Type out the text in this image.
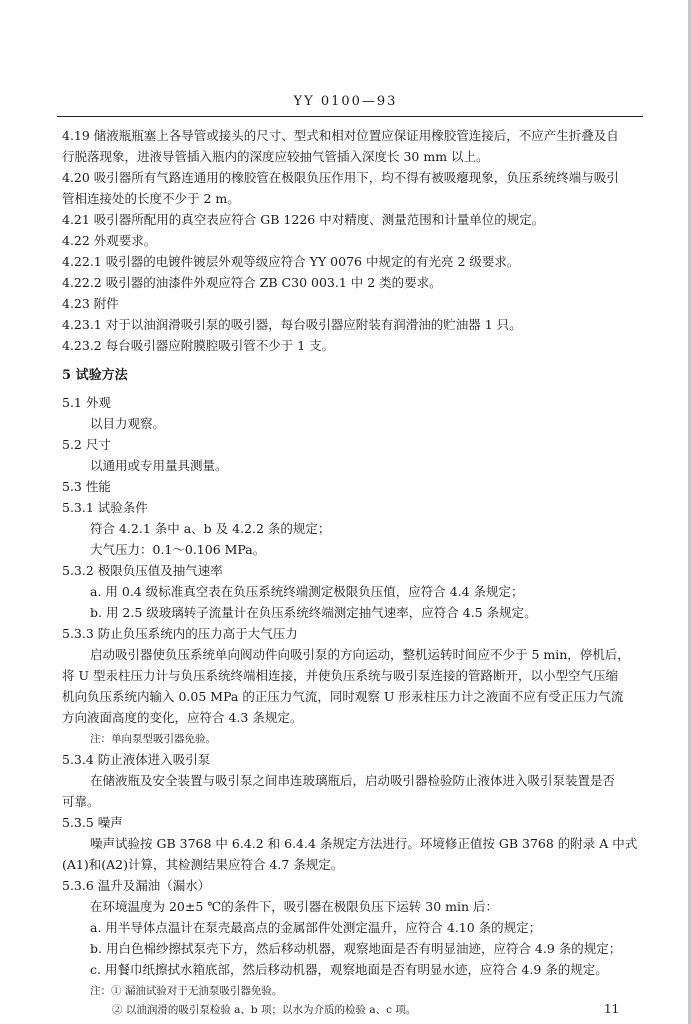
YY 0100—93
4.19 储液瓶瓶塞上各导管或接头的尺寸、型式和相对位置应保证用橡胶管连接后，不应产生折叠及自
行脱落现象，进液导管插入瓶内的深度应较抽气管插入深度长 30 mm 以上。
4.20 吸引器所有气路连通用的橡胶管在极限负压作用下，均不得有被吸瘪现象，负压系统终端与吸引
管相连接处的长度不少于 2 m。
4.21 吸引器所配用的真空表应符合 GB 1226 中对精度、测量范围和计量单位的规定。
4.22 外观要求。
4.22.1 吸引器的电镀件镀层外观等级应符合 YY 0076 中规定的有光亮 2 级要求。
4.22.2 吸引器的油漆件外观应符合 ZB C30 003.1 中 2 类的要求。
4.23 附件
4.23.1 对于以油润滑吸引泵的吸引器，每台吸引器应附装有润滑油的贮油器 1 只。
4.23.2 每台吸引器应附膜腔吸引管不少于 1 支。
5 试验方法
5.1 外观
以目力观察。
5.2 尺寸
以通用或专用量具测量。
5.3 性能
5.3.1 试验条件
符合 4.2.1 条中 a、b 及 4.2.2 条的规定；
大气压力：0.1～0.106 MPa。
5.3.2 极限负压值及抽气速率
a. 用 0.4 级标准真空表在负压系统终端测定极限负压值，应符合 4.4 条规定；
b. 用 2.5 级玻璃转子流量计在负压系统终端测定抽气速率，应符合 4.5 条规定。
5.3.3 防止负压系统内的压力高于大气压力
启动吸引器使负压系统单向阀动件向吸引泵的方向运动，整机运转时间应不少于 5 min，停机后，
将 U 型汞柱压力计与负压系统终端相连接，并使负压系统与吸引泵连接的管路断开，以小型空气压缩
机向负压系统内输入 0.05 MPa 的正压力气流，同时观察 U 形汞柱压力计之液面不应有受正压力气流
方向液面高度的变化，应符合 4.3 条规定。
注：单向泵型吸引器免验。
5.3.4 防止液体进入吸引泵
在储液瓶及安全装置与吸引泵之间串连玻璃瓶后，启动吸引器检验防止液体进入吸引泵装置是否
可靠。
5.3.5 噪声
噪声试验按 GB 3768 中 6.4.2 和 6.4.4 条规定方法进行。环境修正值按 GB 3768 的附录 A 中式
(A1)和(A2)计算，其检测结果应符合 4.7 条规定。
5.3.6 温升及漏油（漏水）
在环境温度为 20±5 ℃的条件下，吸引器在极限负压下运转 30 min 后：
a. 用半导体点温计在泵壳最高点的金属部件处测定温升，应符合 4.10 条的规定；
b. 用白色棉纱擦拭泵壳下方，然后移动机器，观察地面是否有明显油迹，应符合 4.9 条的规定；
c. 用餐巾纸擦拭水箱底部，然后移动机器，观察地面是否有明显水迹，应符合 4.9 条的规定。
注：① 漏油试验对于无油泵吸引器免验。
② 以油润滑的吸引泵检验 a、b 项；以水为介质的检验 a、c 项。	11
